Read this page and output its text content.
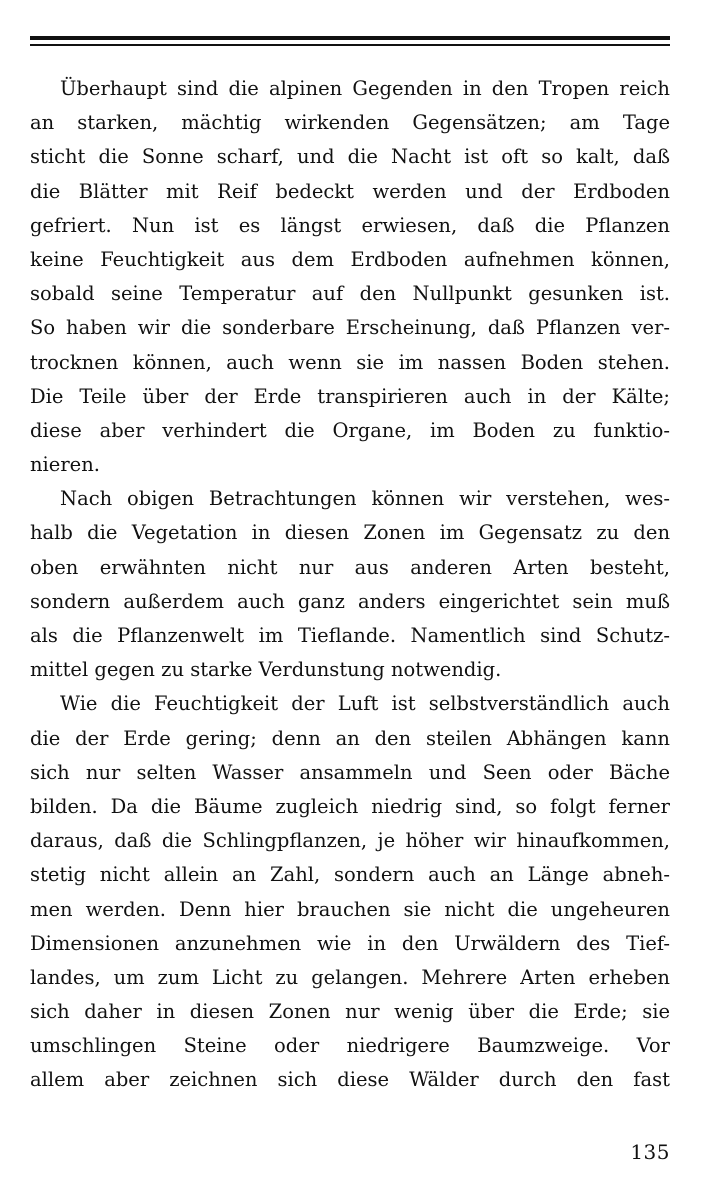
Überhaupt sind die alpinen Gegenden in den Tropen reich
an starken, mächtig wirkenden Gegensätzen; am Tage
sticht die Sonne scharf, und die Nacht ist oft so kalt, daß
die Blätter mit Reif bedeckt werden und der Erdboden
gefriert. Nun ist es längst erwiesen, daß die Pflanzen
keine Feuchtigkeit aus dem Erdboden aufnehmen können,
sobald seine Temperatur auf den Nullpunkt gesunken ist.
So haben wir die sonderbare Erscheinung, daß Pflanzen ver-
trocknen können, auch wenn sie im nassen Boden stehen.
Die Teile über der Erde transpirieren auch in der Kälte;
diese aber verhindert die Organe, im Boden zu funktio-
nieren.
Nach obigen Betrachtungen können wir verstehen, wes-
halb die Vegetation in diesen Zonen im Gegensatz zu den
oben erwähnten nicht nur aus anderen Arten besteht,
sondern außerdem auch ganz anders eingerichtet sein muß
als die Pflanzenwelt im Tieflande. Namentlich sind Schutz-
mittel gegen zu starke Verdunstung notwendig.
Wie die Feuchtigkeit der Luft ist selbstverständlich auch
die der Erde gering; denn an den steilen Abhängen kann
sich nur selten Wasser ansammeln und Seen oder Bäche
bilden. Da die Bäume zugleich niedrig sind, so folgt ferner
daraus, daß die Schlingpflanzen, je höher wir hinaufkommen,
stetig nicht allein an Zahl, sondern auch an Länge abneh-
men werden. Denn hier brauchen sie nicht die ungeheuren
Dimensionen anzunehmen wie in den Urwäldern des Tief-
landes, um zum Licht zu gelangen. Mehrere Arten erheben
sich daher in diesen Zonen nur wenig über die Erde; sie
umschlingen Steine oder niedrigere Baumzweige. Vor
allem aber zeichnen sich diese Wälder durch den fast
135
